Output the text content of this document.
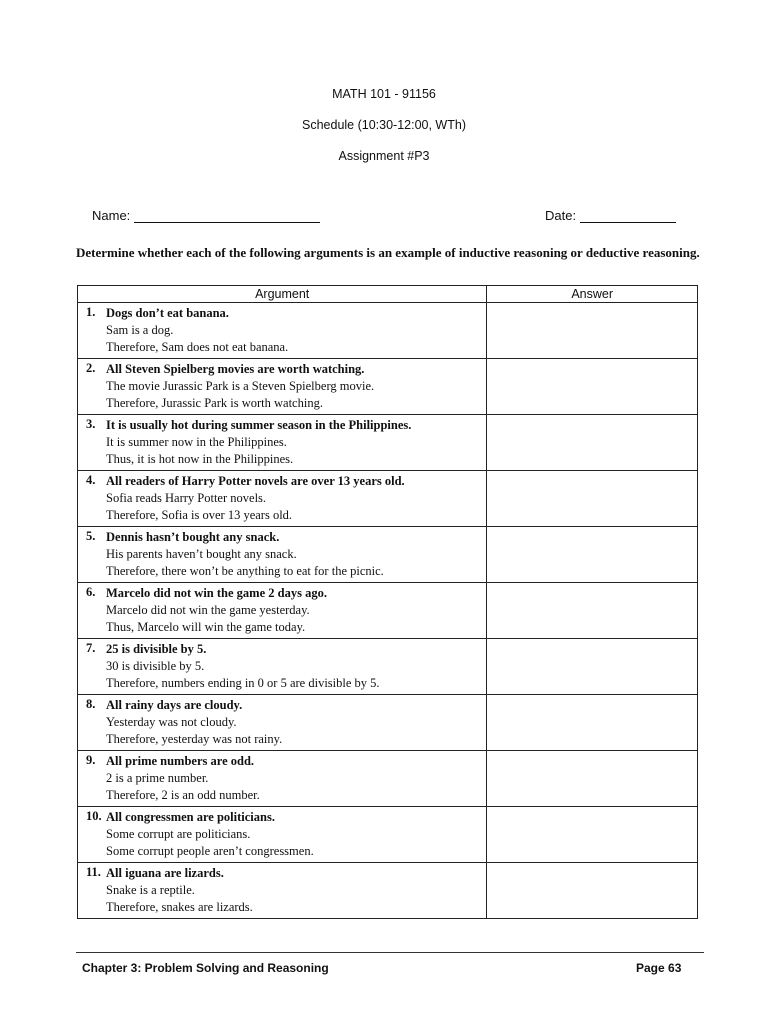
MATH 101 - 91156
Schedule (10:30-12:00, WTh)
Assignment #P3
Name:	Date:
Determine whether each of the following arguments is an example of inductive reasoning or deductive reasoning.
Argument	Answer

1. Dogs don’t eat banana.
Sam is a dog.
Therefore, Sam does not eat banana.	

2. All Steven Spielberg movies are worth watching.
The movie Jurassic Park is a Steven Spielberg movie.
Therefore, Jurassic Park is worth watching.	

3. It is usually hot during summer season in the Philippines.
It is summer now in the Philippines.
Thus, it is hot now in the Philippines.	

4. All readers of Harry Potter novels are over 13 years old.
Sofia reads Harry Potter novels.
Therefore, Sofia is over 13 years old.	

5. Dennis hasn’t bought any snack.
His parents haven’t bought any snack.
Therefore, there won’t be anything to eat for the picnic.	

6. Marcelo did not win the game 2 days ago.
Marcelo did not win the game yesterday.
Thus, Marcelo will win the game today.	

7. 25 is divisible by 5.
30 is divisible by 5.
Therefore, numbers ending in 0 or 5 are divisible by 5.	

8. All rainy days are cloudy.
Yesterday was not cloudy.
Therefore, yesterday was not rainy.	

9. All prime numbers are odd.
2 is a prime number.
Therefore, 2 is an odd number.	

10. All congressmen are politicians.
Some corrupt are politicians.
Some corrupt people aren’t congressmen.	

11. All iguana are lizards.
Snake is a reptile.
Therefore, snakes are lizards.	

Chapter 3: Problem Solving and Reasoning	Page 63
